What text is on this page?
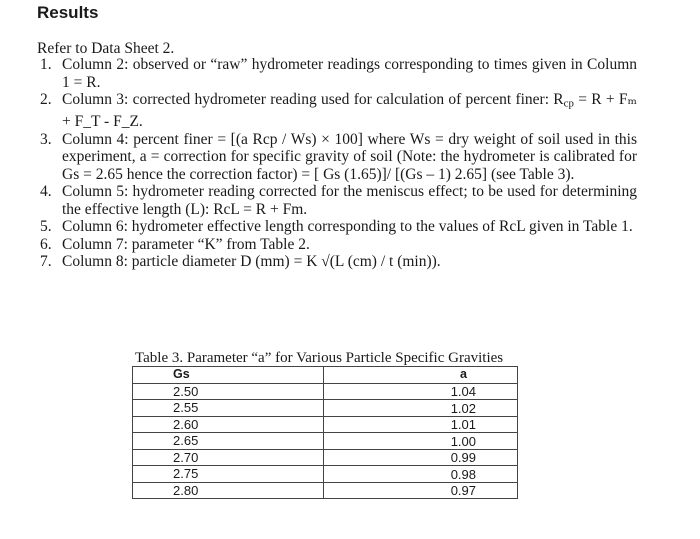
Results
Refer to Data Sheet 2.
1. Column 2: observed or “raw” hydrometer readings corresponding to times given in Column 1 = R.
2. Column 3: corrected hydrometer reading used for calculation of percent finer: $R_{cp} = R + F_m$ + F_T - F_Z.
3. Column 4: percent finer = [(a Rcp / Ws) × 100] where Ws = dry weight of soil used in this experiment, a = correction for specific gravity of soil (Note: the hydrometer is calibrated for Gs = 2.65 hence the correction factor) = [ Gs (1.65)]/ [(Gs – 1) 2.65] (see Table 3).
4. Column 5: hydrometer reading corrected for the meniscus effect; to be used for determining the effective length (L): RcL = R + Fm.
5. Column 6: hydrometer effective length corresponding to the values of RcL given in Table 1.
6. Column 7: parameter “K” from Table 2.
7. Column 8: particle diameter D (mm) = K √(L (cm) / t (min)).
Table 3. Parameter “a” for Various Particle Specific Gravities
Gs	a
2.50	1.04
2.55	1.02
2.60	1.01
2.65	1.00
2.70	0.99
2.75	0.98
2.80	0.97
